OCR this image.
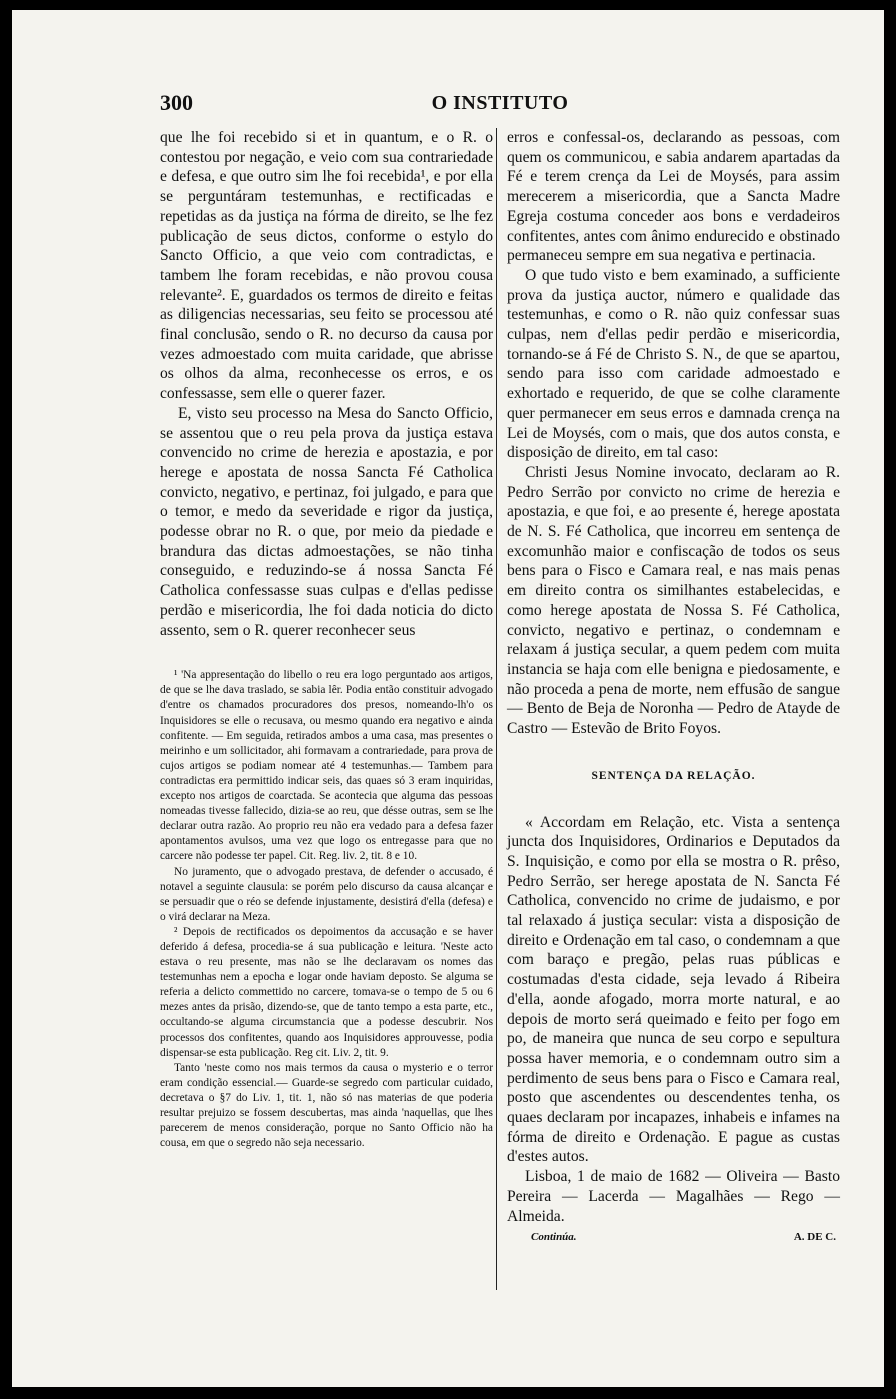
300	O INSTITUTO

que lhe foi recebido si et in quantum, e o R. o contestou por negação, e veio com sua contrariedade e defesa, e que outro sim lhe foi recebida¹, e por ella se perguntáram testemunhas, e rectificadas e repetidas as da justiça na fórma de direito, se lhe fez publicação de seus dictos, conforme o estylo do Sancto Officio, a que veio com contradictas, e tambem lhe foram recebidas, e não provou cousa relevante². E, guardados os termos de direito e feitas as diligencias necessarias, seu feito se processou até final conclusão, sendo o R. no decurso da causa por vezes admoestado com muita caridade, que abrisse os olhos da alma, reconhecesse os erros, e os confessasse, sem elle o querer fazer.

E, visto seu processo na Mesa do Sancto Officio, se assentou que o reu pela prova da justiça estava convencido no crime de herezia e apostazia, e por herege e apostata de nossa Sancta Fé Catholica convicto, negativo, e pertinaz, foi julgado, e para que o temor, e medo da severidade e rigor da justiça, podesse obrar no R. o que, por meio da piedade e brandura das dictas admoestações, se não tinha conseguido, e reduzindo-se á nossa Sancta Fé Catholica confessasse suas culpas e d'ellas pedisse perdão e misericordia, lhe foi dada noticia do dicto assento, sem o R. querer reconhecer seus

¹ 'Na appresentação do libello o reu era logo perguntado aos artigos, de que se lhe dava traslado, se sabia lêr. Podia então constituir advogado d'entre os chamados procuradores dos presos, nomeando-lh'o os Inquisidores se elle o recusava, ou mesmo quando era negativo e ainda confitente. — Em seguida, retirados ambos a uma casa, mas presentes o meirinho e um sollicitador, ahi formavam a contrariedade, para prova de cujos artigos se podiam nomear até 4 testemunhas.— Tambem para contradictas era permittido indicar seis, das quaes só 3 eram inquiridas, excepto nos artigos de coarctada. Se acontecia que alguma das pessoas nomeadas tivesse fallecido, dizia-se ao reu, que désse outras, sem se lhe declarar outra razão. Ao proprio reu não era vedado para a defesa fazer apontamentos avulsos, uma vez que logo os entregasse para que no carcere não podesse ter papel. Cit. Reg. liv. 2, tit. 8 e 10.

No juramento, que o advogado prestava, de defender o accusado, é notavel a seguinte clausula: se porém pelo discurso da causa alcançar e se persuadir que o réo se defende injustamente, desistirá d'ella (defesa) e o virá declarar na Meza.

² Depois de rectificados os depoimentos da accusação e se haver deferido á defesa, procedia-se á sua publicação e leitura. 'Neste acto estava o reu presente, mas não se lhe declaravam os nomes das testemunhas nem a epocha e logar onde haviam deposto. Se alguma se referia a delicto commettido no carcere, tomava-se o tempo de 5 ou 6 mezes antes da prisão, dizendo-se, que de tanto tempo a esta parte, etc., occultando-se alguma circumstancia que a podesse descubrir. Nos processos dos confitentes, quando aos Inquisidores approuvesse, podia dispensar-se esta publicação. Reg cit. Liv. 2, tit. 9.

Tanto 'neste como nos mais termos da causa o mysterio e o terror eram condição essencial.— Guarde-se segredo com particular cuidado, decretava o §7 do Liv. 1, tit. 1, não só nas materias de que poderia resultar prejuizo se fossem descubertas, mas ainda 'naquellas, que lhes parecerem de menos consideração, porque no Santo Officio não ha cousa, em que o segredo não seja necessario.

erros e confessal-os, declarando as pessoas, com quem os communicou, e sabia andarem apartadas da Fé e terem crença da Lei de Moysés, para assim merecerem a misericordia, que a Sancta Madre Egreja costuma conceder aos bons e verdadeiros confitentes, antes com ânimo endurecido e obstinado permaneceu sempre em sua negativa e pertinacia.

O que tudo visto e bem examinado, a sufficiente prova da justiça auctor, número e qualidade das testemunhas, e como o R. não quiz confessar suas culpas, nem d'ellas pedir perdão e misericordia, tornando-se á Fé de Christo S. N., de que se apartou, sendo para isso com caridade admoestado e exhortado e requerido, de que se colhe claramente quer permanecer em seus erros e damnada crença na Lei de Moysés, com o mais, que dos autos consta, e disposição de direito, em tal caso:

Christi Jesus Nomine invocato, declaram ao R. Pedro Serrão por convicto no crime de herezia e apostazia, e que foi, e ao presente é, herege apostata de N. S. Fé Catholica, que incorreu em sentença de excomunhão maior e confiscação de todos os seus bens para o Fisco e Camara real, e nas mais penas em direito contra os similhantes estabelecidas, e como herege apostata de Nossa S. Fé Catholica, convicto, negativo e pertinaz, o condemnam e relaxam á justiça secular, a quem pedem com muita instancia se haja com elle benigna e piedosamente, e não proceda a pena de morte, nem effusão de sangue — Bento de Beja de Noronha — Pedro de Atayde de Castro — Estevão de Brito Foyos.

SENTENÇA DA RELAÇÃO.

« Accordam em Relação, etc. Vista a sentença juncta dos Inquisidores, Ordinarios e Deputados da S. Inquisição, e como por ella se mostra o R. prêso, Pedro Serrão, ser herege apostata de N. Sancta Fé Catholica, convencido no crime de judaismo, e por tal relaxado á justiça secular: vista a disposição de direito e Ordenação em tal caso, o condemnam a que com baraço e pregão, pelas ruas públicas e costumadas d'esta cidade, seja levado á Ribeira d'ella, aonde afogado, morra morte natural, e ao depois de morto será queimado e feito per fogo em po, de maneira que nunca de seu corpo e sepultura possa haver memoria, e o condemnam outro sim a perdimento de seus bens para o Fisco e Camara real, posto que ascendentes ou descendentes tenha, os quaes declaram por incapazes, inhabeis e infames na fórma de direito e Ordenação. E pague as custas d'estes autos.

Lisboa, 1 de maio de 1682 — Oliveira — Basto Pereira — Lacerda — Magalhães — Rego — Almeida.

Continúa.	A. DE C.
